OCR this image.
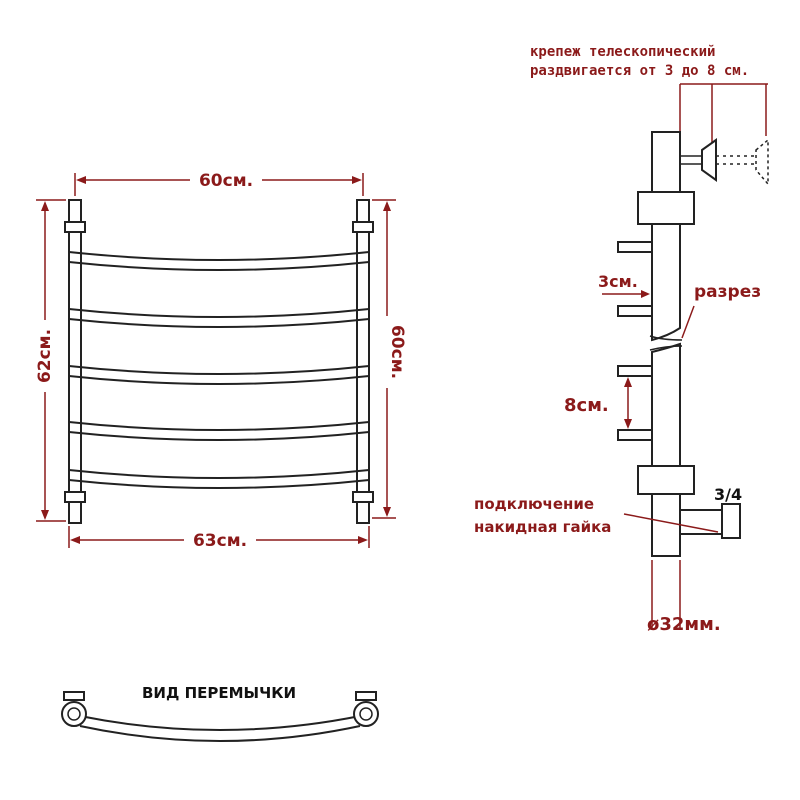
60см.
63см.
62см.	60см.
крепеж телескопический
раздвигается от 3 до 8 см.
3см.
разрез
8см.
3/4
подключение
накидная гайка
ø32мм.
ВИД ПЕРЕМЫЧКИ
